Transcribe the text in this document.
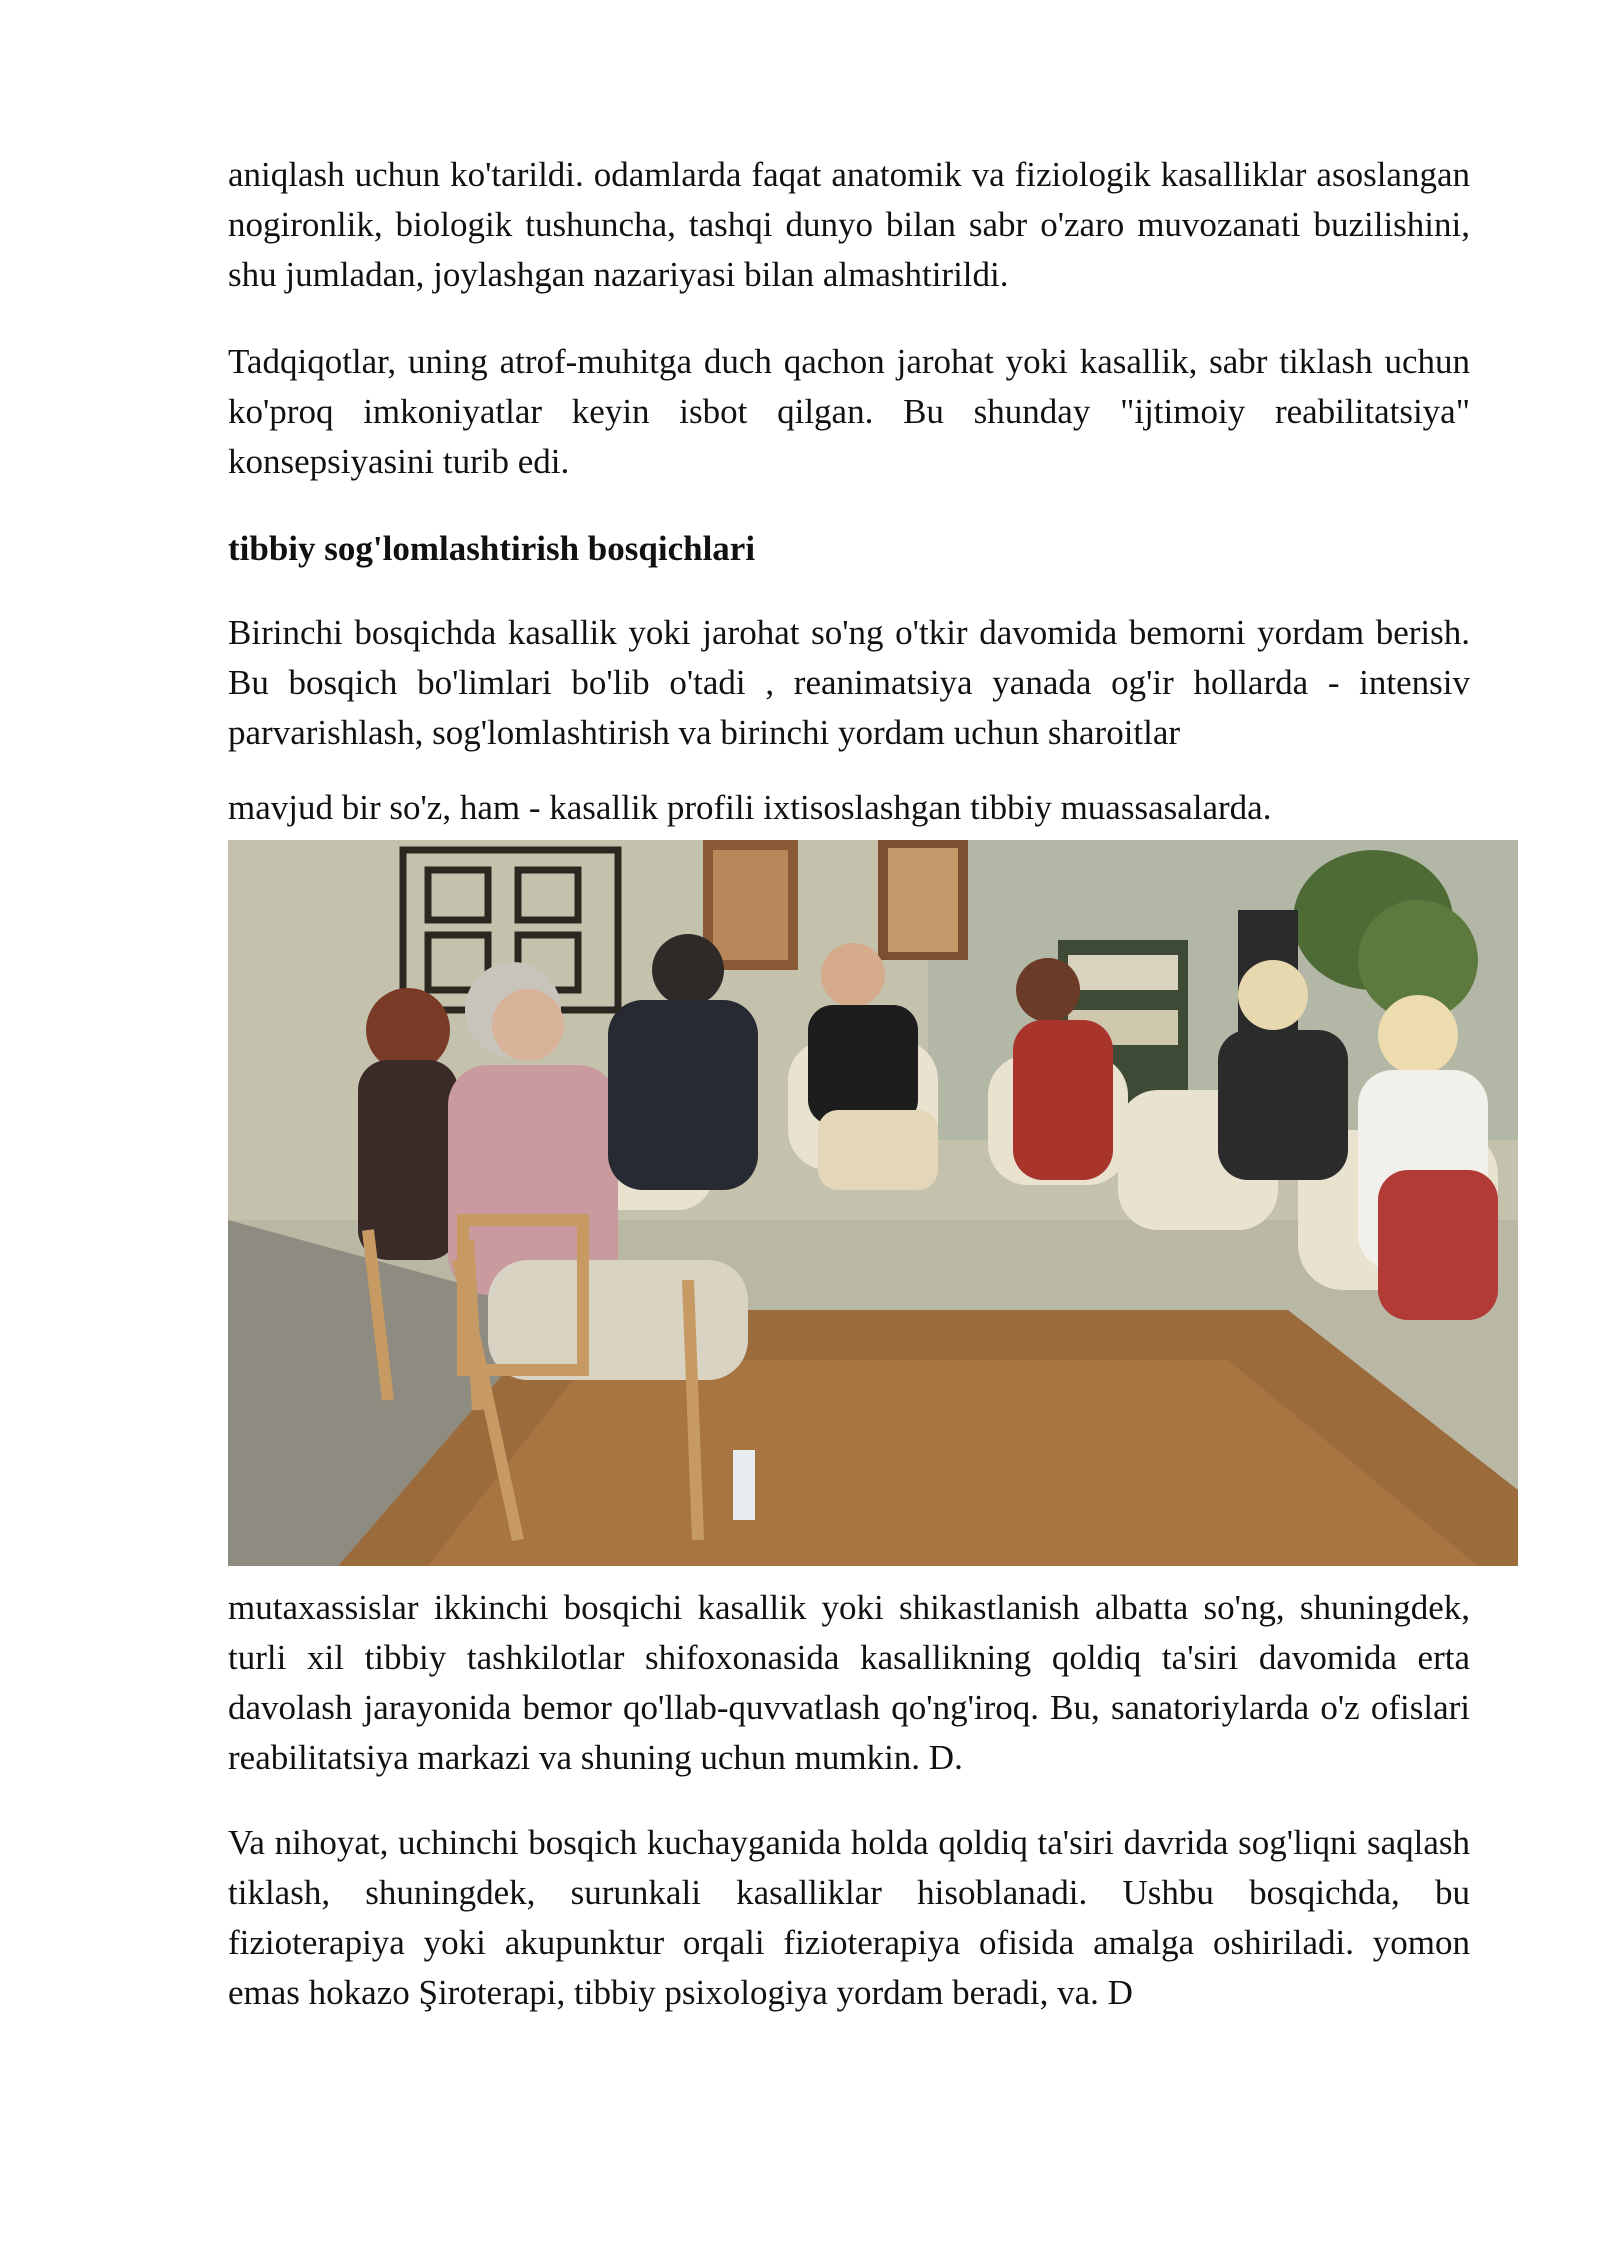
aniqlash uchun ko'tarildi. odamlarda faqat anatomik va fiziologik kasalliklar asoslangan nogironlik, biologik tushuncha, tashqi dunyo bilan sabr o'zaro muvozanati buzilishini, shu jumladan, joylashgan nazariyasi bilan almashtirildi.

Tadqiqotlar, uning atrof-muhitga duch qachon jarohat yoki kasallik, sabr tiklash uchun ko'proq imkoniyatlar keyin isbot qilgan. Bu shunday "ijtimoiy reabilitatsiya" konsepsiyasini turib edi.

tibbiy sog'lomlashtirish bosqichlari

Birinchi bosqichda kasallik yoki jarohat so'ng o'tkir davomida bemorni yordam berish. Bu bosqich bo'limlari bo'lib o'tadi , reanimatsiya yanada og'ir hollarda - intensiv parvarishlash, sog'lomlashtirish va birinchi yordam uchun sharoitlar

mavjud bir so'z, ham - kasallik profili ixtisoslashgan tibbiy muassasalarda.

mutaxassislar ikkinchi bosqichi kasallik yoki shikastlanish albatta so'ng, shuningdek, turli xil tibbiy tashkilotlar shifoxonasida kasallikning qoldiq ta'siri davomida erta davolash jarayonida bemor qo'llab-quvvatlash qo'ng'iroq. Bu, sanatoriylarda o'z ofislari reabilitatsiya markazi va shuning uchun mumkin. D.

Va nihoyat, uchinchi bosqich kuchayganida holda qoldiq ta'siri davrida sog'liqni saqlash tiklash, shuningdek, surunkali kasalliklar hisoblanadi. Ushbu bosqichda, bu fizioterapiya yoki akupunktur orqali fizioterapiya ofisida amalga oshiriladi. yomon emas hokazo Şiroterapi, tibbiy psixologiya yordam beradi, va. D
